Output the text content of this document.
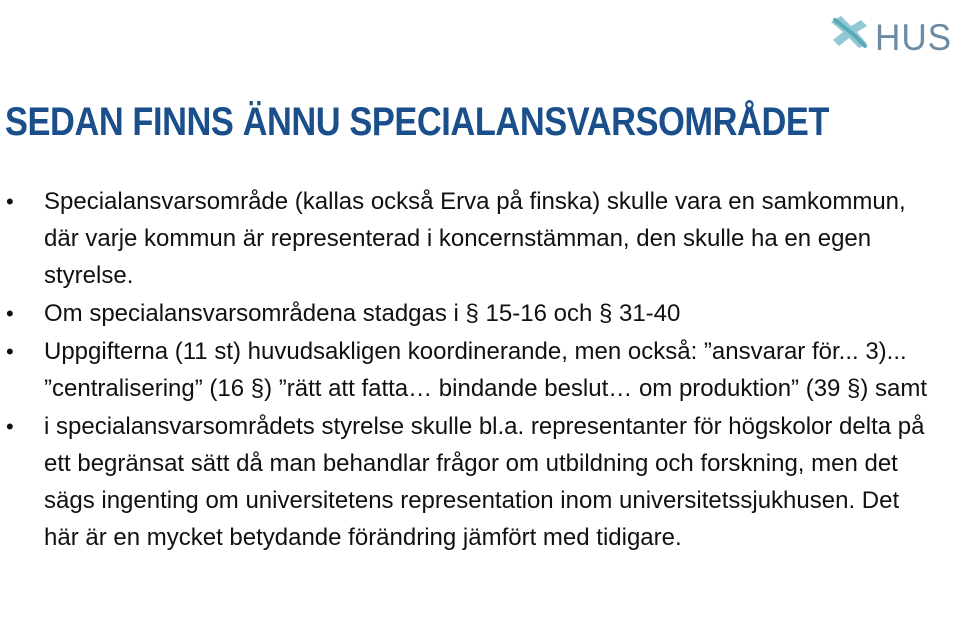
HUS
SEDAN FINNS ÄNNU SPECIALANSVARSOMRÅDET
• Specialansvarsområde (kallas också Erva på finska) skulle vara en samkommun, där varje kommun är representerad i koncernstämman, den skulle ha en egen styrelse.
• Om specialansvarsområdena stadgas i § 15-16 och § 31-40
• Uppgifterna (11 st) huvudsakligen koordinerande, men också: ”ansvarar för... 3)... ”centralisering” (16 §) ”rätt att fatta… bindande beslut… om produktion” (39 §) samt
• i specialansvarsområdets styrelse skulle bl.a. representanter för högskolor delta på ett begränsat sätt då man behandlar frågor om utbildning och forskning, men det sägs ingenting om universitetens representation inom universitetssjukhusen. Det här är en mycket betydande förändring jämfört med tidigare.
